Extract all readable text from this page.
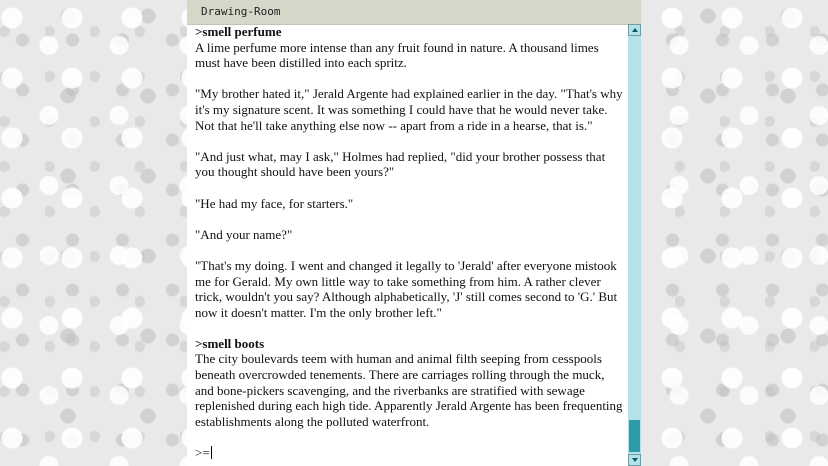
Drawing-Room

>smell perfume

A lime perfume more intense than any fruit found in nature. A thousand limes must have been distilled into each spritz.

"My brother hated it," Jerald Argente had explained earlier in the day. "That's why it's my signature scent. It was something I could have that he would never take. Not that he'll take anything else now -- apart from a ride in a hearse, that is."

"And just what, may I ask," Holmes had replied, "did your brother possess that you thought should have been yours?"

"He had my face, for starters."

"And your name?"

"That's my doing. I went and changed it legally to 'Jerald' after everyone mistook me for Gerald. My own little way to take something from him. A rather clever trick, wouldn't you say? Although alphabetically, 'J' still comes second to 'G.' But now it doesn't matter. I'm the only brother left."

>smell boots

The city boulevards teem with human and animal filth seeping from cesspools beneath overcrowded tenements. There are carriages rolling through the muck, and bone-pickers scavenging, and the riverbanks are stratified with sewage replenished during each high tide. Apparently Jerald Argente has been frequenting establishments along the polluted waterfront.

>=
